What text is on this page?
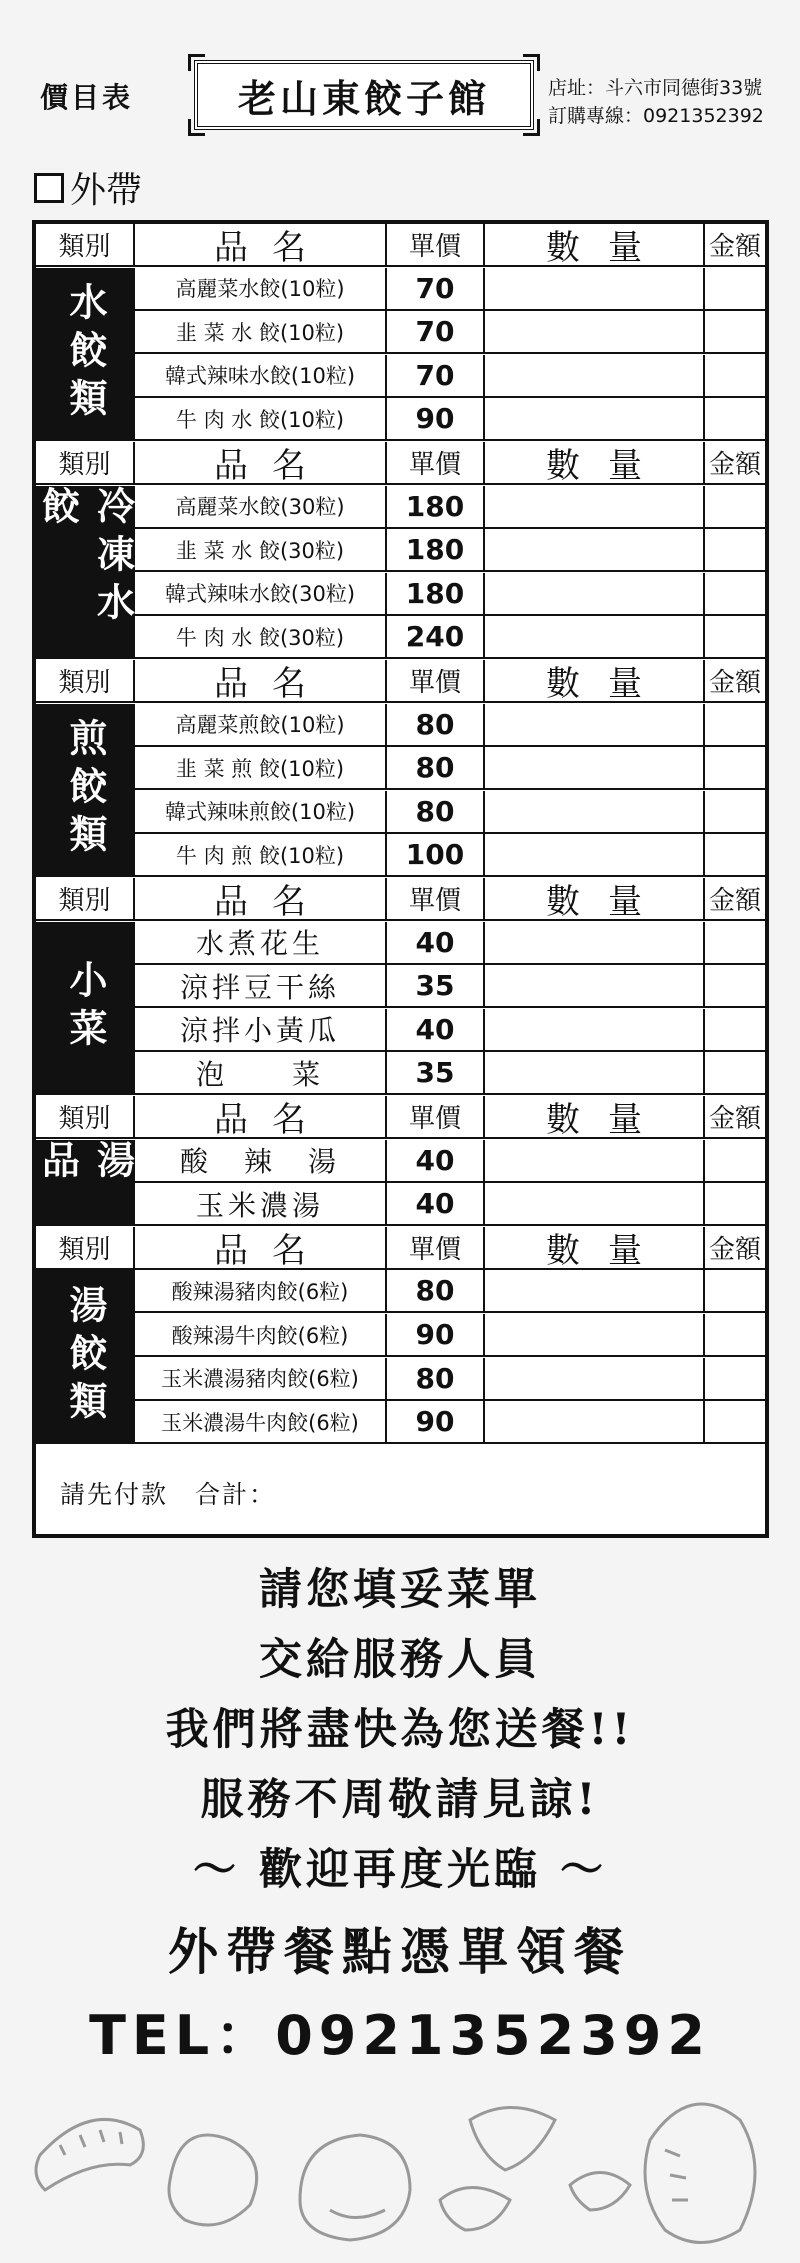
價目表	老山東餃子館	店址：斗六市同德街33號
訂購專線：0921352392
外帶
請先付款　合計：
類別	品名	單價	數量	金額
高麗菜水餃(10粒)	70
韭 菜 水 餃(10粒)	70
韓式辣味水餃(10粒)	70
牛 肉 水 餃(10粒)	90
水餃類
類別	品名	單價	數量	金額
高麗菜水餃(30粒)	180
韭 菜 水 餃(30粒)	180
韓式辣味水餃(30粒)	180
牛 肉 水 餃(30粒)	240
冷凍水餃
類別	品名	單價	數量	金額
高麗菜煎餃(10粒)	80
韭 菜 煎 餃(10粒)	80
韓式辣味煎餃(10粒)	80
牛 肉 煎 餃(10粒)	100
煎餃類
類別	品名	單價	數量	金額
水煮花生	40
涼拌豆干絲	35
涼拌小黃瓜	40
泡　　菜	35
小菜
類別	品名	單價	數量	金額
酸　辣　湯	40
玉米濃湯	40
湯品
類別	品名	單價	數量	金額
酸辣湯豬肉餃(6粒)	80
酸辣湯牛肉餃(6粒)	90
玉米濃湯豬肉餃(6粒)	80
玉米濃湯牛肉餃(6粒)	90
湯餃類
請您填妥菜單
交給服務人員
我們將盡快為您送餐!!
服務不周敬請見諒!
～ 歡迎再度光臨 ～
外帶餐點憑單領餐
TEL：0921352392
